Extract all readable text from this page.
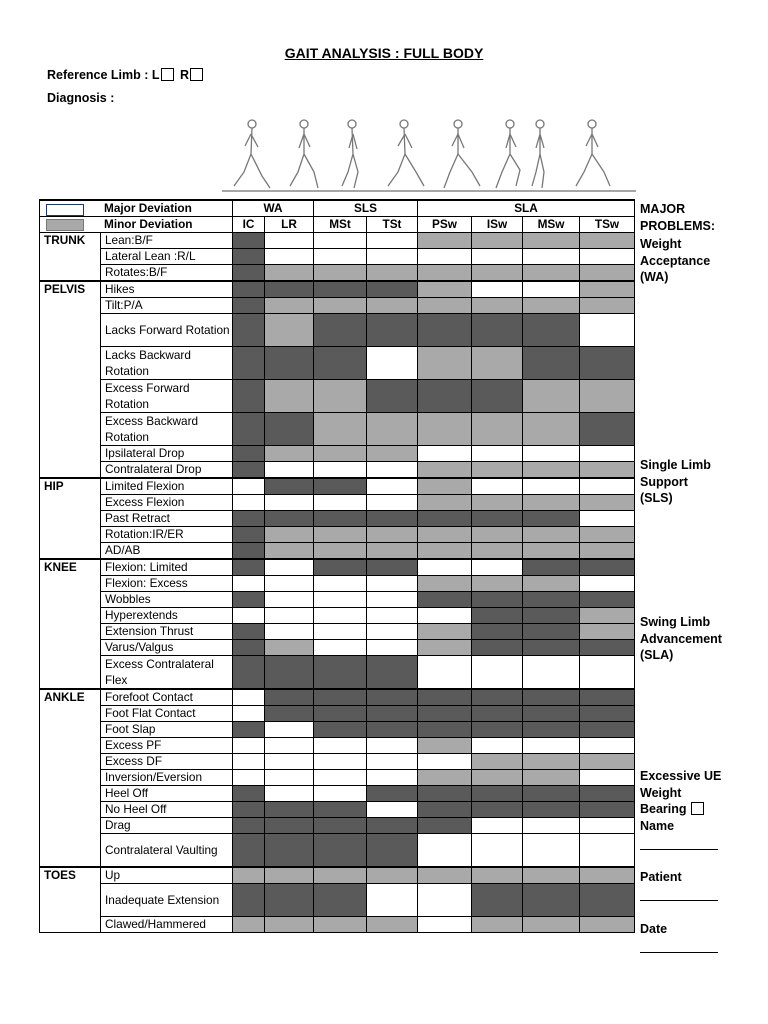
GAIT ANALYSIS : FULL BODY
Reference Limb : L R
Diagnosis :
Major Deviation		WA		SLS		SLA			
Minor Deviation		IC	LR	MSt	TSt	PSw	ISw	MSw	TSw
TRUNK	Lean:B/F								
	Lateral Lean :R/L								
	Rotates:B/F								
PELVIS	Hikes								
	Tilt:P/A								
	Lacks Forward Rotation								
	Lacks Backward Rotation								
	Excess Forward Rotation								
	Excess Backward Rotation								
	Ipsilateral Drop								
	Contralateral Drop								
HIP	Limited Flexion								
	Excess Flexion								
	Past Retract								
	Rotation:IR/ER								
	AD/AB								
KNEE	Flexion: Limited								
	Flexion: Excess								
	Wobbles								
	Hyperextends								
	Extension Thrust								
	Varus/Valgus								
	Excess Contralateral Flex								
ANKLE	Forefoot Contact								
	Foot Flat Contact								
	Foot Slap								
	Excess PF								
	Excess DF								
	Inversion/Eversion								
	Heel Off								
	No Heel Off								
	Drag								
	Contralateral Vaulting								
TOES	Up								
	Inadequate Extension								
	Clawed/Hammered								
MAJOR PROBLEMS:
Weight Acceptance (WA)
Single Limb Support (SLS)
Swing Limb Advancement (SLA)
Excessive UE Weight Bearing
Name
Patient
Date
